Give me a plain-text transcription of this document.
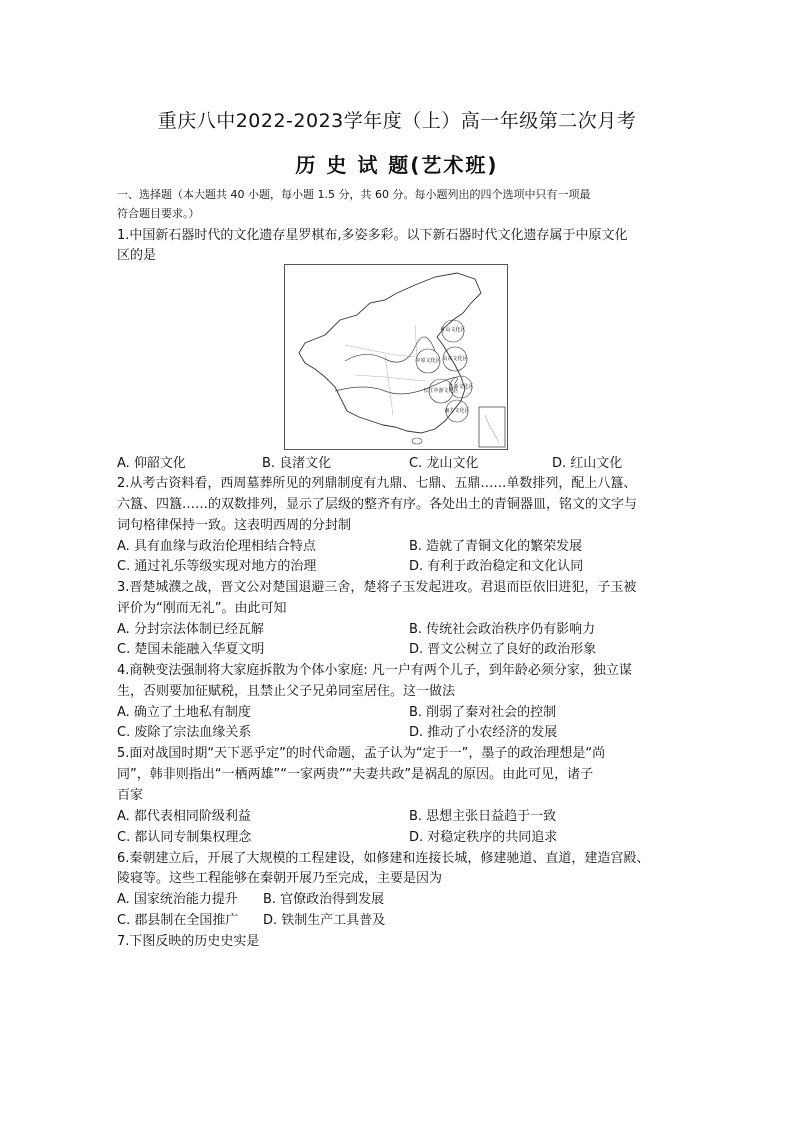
重庆八中2022-2023学年度（上）高一年级第二次月考
历 史 试 题(艺术班)
一、选择题（本大题共 40 小题，每小题 1.5 分，共 60 分。每小题列出的四个选项中只有一项最
符合题目要求。）
1.中国新石器时代的文化遗存星罗棋布,多姿多彩。以下新石器时代文化遗存属于中原文化
区的是
红山文化区
中原文化区 山东文化区
江浙文化区
长江中游文化区
南方文化区
A. 仰韶文化	B. 良渚文化	C. 龙山文化	D. 红山文化
2.从考古资料看，西周墓葬所见的列鼎制度有九鼎、七鼎、五鼎……单数排列，配上八簋、
六簋、四簋……的双数排列，显示了层级的整齐有序。各处出土的青铜器皿，铭文的文字与
词句格律保持一致。这表明西周的分封制
A. 具有血缘与政治伦理相结合特点	B. 造就了青铜文化的繁荣发展
C. 通过礼乐等级实现对地方的治理	D. 有利于政治稳定和文化认同
3.晋楚城濮之战，晋文公对楚国退避三舍，楚将子玉发起进攻。君退而臣依旧进犯，子玉被
评价为“刚而无礼”。由此可知
A. 分封宗法体制已经瓦解	B. 传统社会政治秩序仍有影响力
C. 楚国未能融入华夏文明	D. 晋文公树立了良好的政治形象
4.商鞅变法强制将大家庭拆散为个体小家庭: 凡一户有两个儿子，到年龄必须分家，独立谋
生，否则要加征赋税，且禁止父子兄弟同室居住。这一做法
A. 确立了土地私有制度	B. 削弱了秦对社会的控制
C. 废除了宗法血缘关系	D. 推动了小农经济的发展
5.面对战国时期“天下恶乎定”的时代命题，孟子认为“定于一”，墨子的政治理想是“尚
同”，韩非则指出“一栖两雄”“一家两贵”“夫妻共政”是祸乱的原因。由此可见，诸子
百家
A. 都代表相同阶级利益	B. 思想主张日益趋于一致
C. 都认同专制集权理念	D. 对稳定秩序的共同追求
6.秦朝建立后，开展了大规模的工程建设，如修建和连接长城，修建驰道、直道，建造宫殿、
陵寝等。这些工程能够在秦朝开展乃至完成，主要是因为
A. 国家统治能力提升 B. 官僚政治得到发展
C. 郡县制在全国推广 D. 铁制生产工具普及
7.下图反映的历史史实是
